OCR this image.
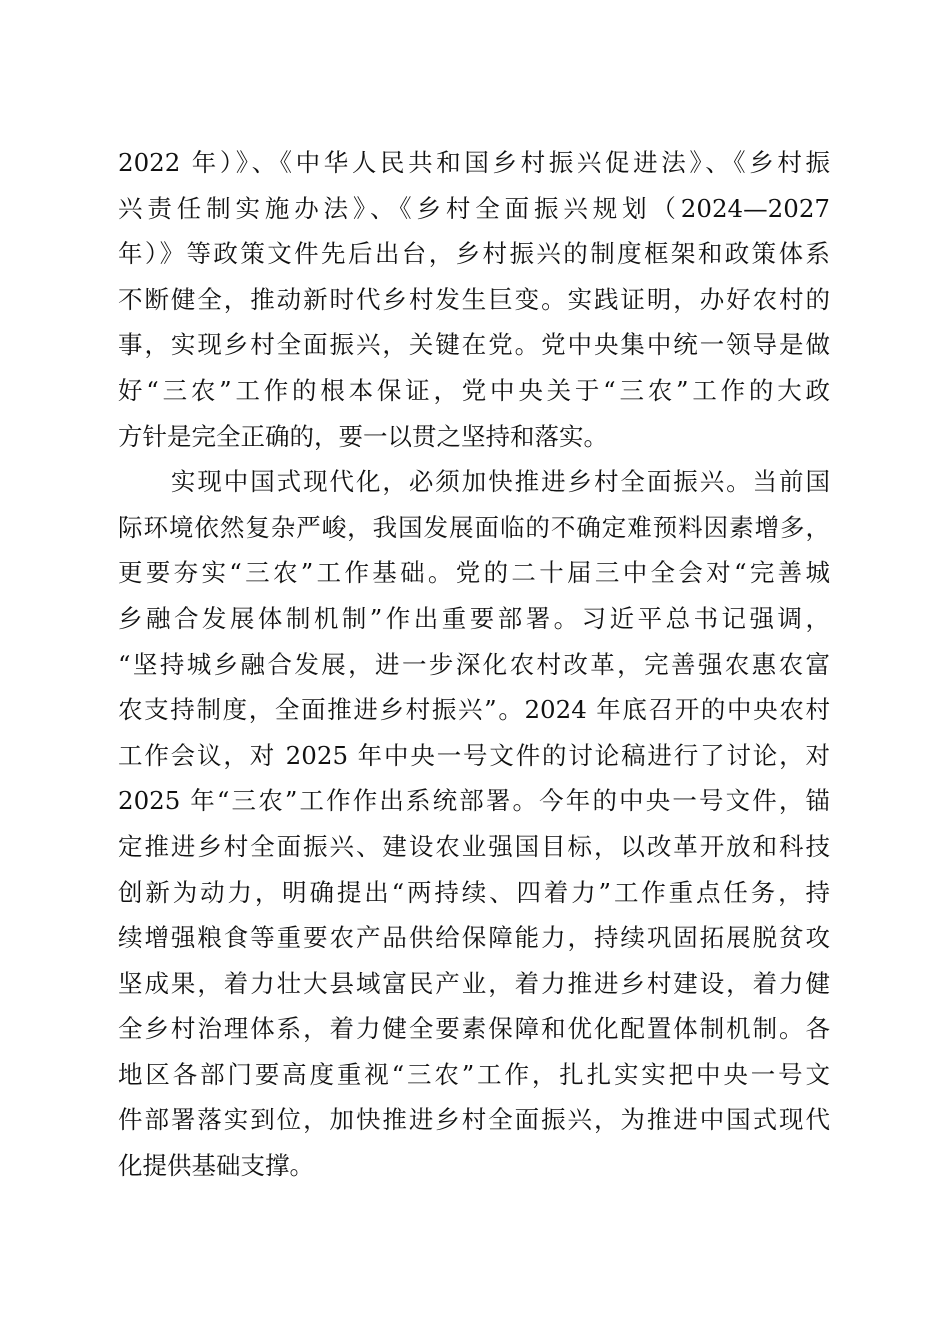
2022 年）》、《中华人民共和国乡村振兴促进法》、《乡村振
兴责任制实施办法》、《乡村全面振兴规划（2024—2027
年）》等政策文件先后出台，乡村振兴的制度框架和政策体系
不断健全，推动新时代乡村发生巨变。实践证明，办好农村的
事，实现乡村全面振兴，关键在党。党中央集中统一领导是做
好“三农”工作的根本保证，党中央关于“三农”工作的大政
方针是完全正确的，要一以贯之坚持和落实。
　　实现中国式现代化，必须加快推进乡村全面振兴。当前国
际环境依然复杂严峻，我国发展面临的不确定难预料因素增多，
更要夯实“三农”工作基础。党的二十届三中全会对“完善城
乡融合发展体制机制”作出重要部署。习近平总书记强调，
“坚持城乡融合发展，进一步深化农村改革，完善强农惠农富
农支持制度，全面推进乡村振兴”。2024 年底召开的中央农村
工作会议，对 2025 年中央一号文件的讨论稿进行了讨论，对
2025 年“三农”工作作出系统部署。今年的中央一号文件，锚
定推进乡村全面振兴、建设农业强国目标，以改革开放和科技
创新为动力，明确提出“两持续、四着力”工作重点任务，持
续增强粮食等重要农产品供给保障能力，持续巩固拓展脱贫攻
坚成果，着力壮大县域富民产业，着力推进乡村建设，着力健
全乡村治理体系，着力健全要素保障和优化配置体制机制。各
地区各部门要高度重视“三农”工作，扎扎实实把中央一号文
件部署落实到位，加快推进乡村全面振兴，为推进中国式现代
化提供基础支撑。
